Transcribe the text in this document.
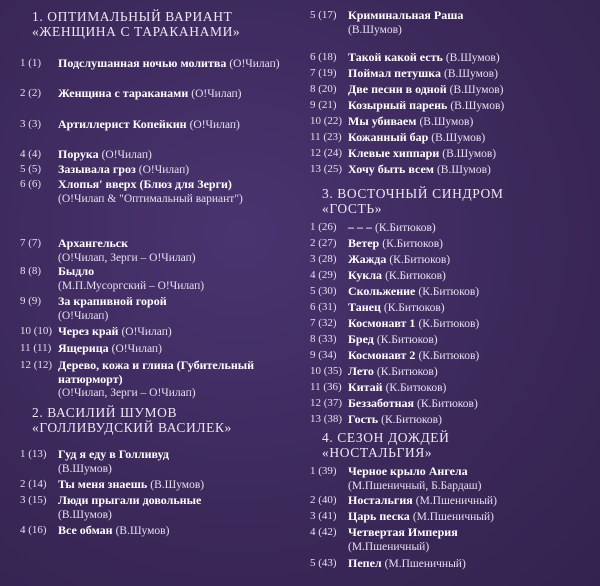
1. ОПТИМАЛЬНЫЙ ВАРИАНТ
«ЖЕНЩИНА С ТАРАКАНАМИ»
1 (1)	Подслушанная ночью молитва (О!Чилап)
2 (2)	Женщина с тараканами (О!Чилап)
3 (3)	Артиллерист Копейкин (О!Чилап)
4 (4)	Порука (О!Чилап)
5 (5)	Зазывала гроз (О!Чилап)
6 (6)	Хлопья' вверх (Блюз для Зерги)
(О!Чилап & "Оптимальный вариант")
7 (7)	Архангельск
(О!Чилап, Зерги – О!Чилап)
8 (8)	Быдло
(М.П.Мусоргский – О!Чилап)
9 (9)	За крапивной горой
(О!Чилап)
10 (10) Через край (О!Чилап)
11 (11) Ящерица (О!Чилап)
12 (12) Дерево, кожа и глина (Губительный натюрморт)
(О!Чилап, Зерги – О!Чилап)
2. ВАСИЛИЙ ШУМОВ
«ГОЛЛИВУДСКИЙ ВАСИЛЕК»
1 (13) Гуд я еду в Голливуд
(В.Шумов)
2 (14) Ты меня знаешь (В.Шумов)
3 (15) Люди прыгали довольные
(В.Шумов)
4 (16) Все обман (В.Шумов)
5 (17) Криминальная Раша
(В.Шумов)
6 (18) Такой какой есть (В.Шумов)
7 (19) Поймал петушка (В.Шумов)
8 (20) Две песни в одной (В.Шумов)
9 (21) Козырный парень (В.Шумов)
10 (22) Мы убиваем (В.Шумов)
11 (23) Кожанный бар (В.Шумов)
12 (24) Клевые хиппари (В.Шумов)
13 (25) Хочу быть всем (В.Шумов)
3. ВОСТОЧНЫЙ СИНДРОМ
«ГОСТЬ»
1 (26) – – – (К.Битюков)
2 (27) Ветер (К.Битюков)
3 (28) Жажда (К.Битюков)
4 (29) Кукла (К.Битюков)
5 (30) Скольжение (К.Битюков)
6 (31) Танец (К.Битюков)
7 (32) Космонавт 1 (К.Битюков)
8 (33) Бред (К.Битюков)
9 (34) Космонавт 2 (К.Битюков)
10 (35) Лето (К.Битюков)
11 (36) Китай (К.Битюков)
12 (37) Беззаботная (К.Битюков)
13 (38) Гость (К.Битюков)
4. СЕЗОН ДОЖДЕЙ
«НОСТАЛЬГИЯ»
1 (39) Черное крыло Ангела
(М.Пшеничный, Б.Бардаш)
2 (40) Ностальгия (М.Пшеничный)
3 (41) Царь песка (М.Пшеничный)
4 (42) Четвертая Империя
(М.Пшеничный)
5 (43) Пепел (М.Пшеничный)
